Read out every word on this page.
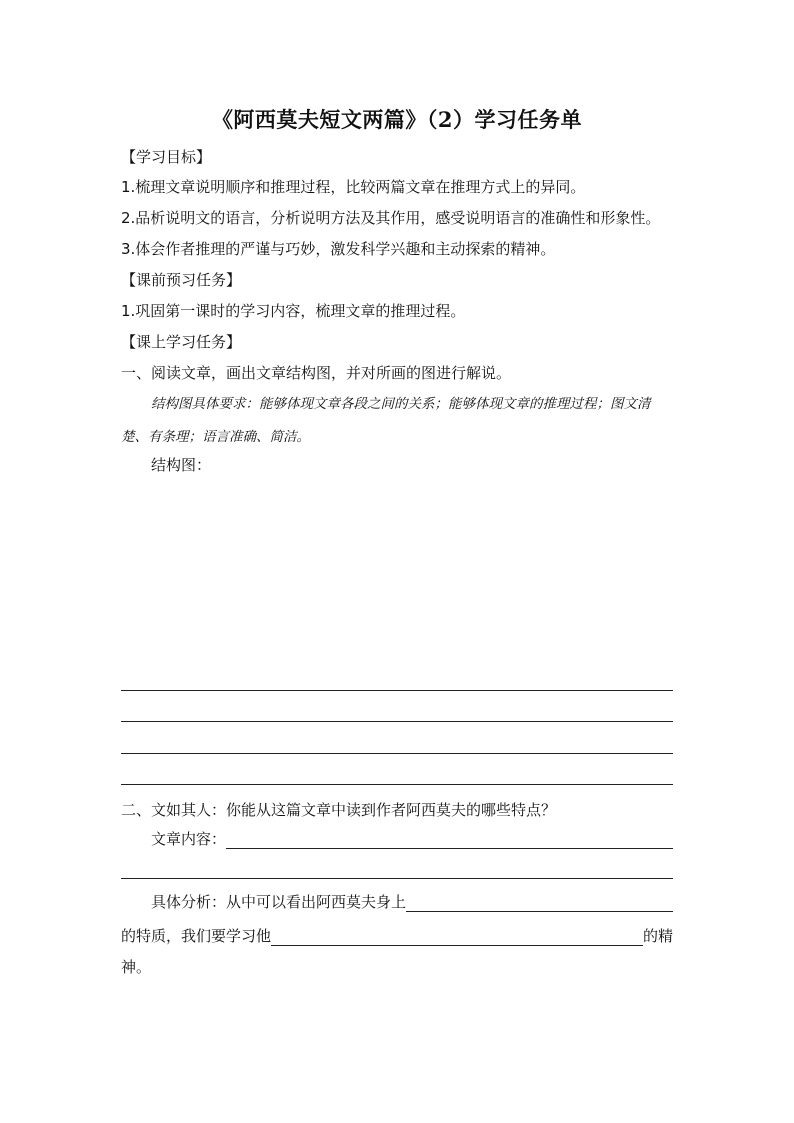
《阿西莫夫短文两篇》（2）学习任务单
【学习目标】
1.梳理文章说明顺序和推理过程，比较两篇文章在推理方式上的异同。
2.品析说明文的语言，分析说明方法及其作用，感受说明语言的准确性和形象性。
3.体会作者推理的严谨与巧妙，激发科学兴趣和主动探索的精神。
【课前预习任务】
1.巩固第一课时的学习内容，梳理文章的推理过程。
【课上学习任务】
一、阅读文章，画出文章结构图，并对所画的图进行解说。
结构图具体要求：能够体现文章各段之间的关系；能够体现文章的推理过程；图文清楚、有条理；语言准确、简洁。
结构图：
二、文如其人：你能从这篇文章中读到作者阿西莫夫的哪些特点？
文章内容：
具体分析：从中可以看出阿西莫夫身上
的特质，我们要学习他	的精
神。
